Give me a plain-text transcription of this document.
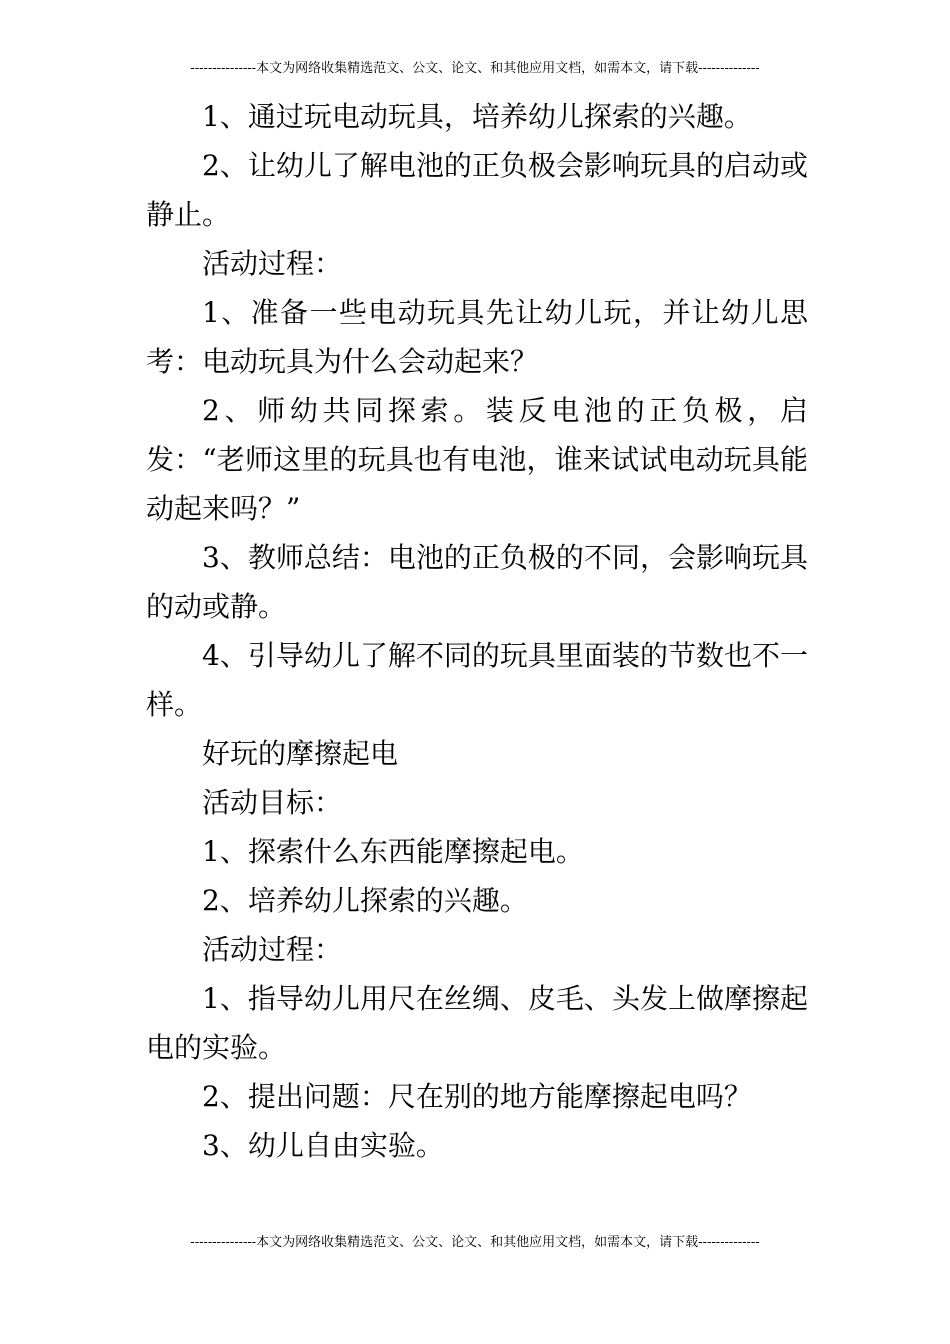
---------------本文为网络收集精选范文、公文、论文、和其他应用文档，如需本文，请下载--------------

1、通过玩电动玩具，培养幼儿探索的兴趣。

2、让幼儿了解电池的正负极会影响玩具的启动或静止。

活动过程：

1、准备一些电动玩具先让幼儿玩，并让幼儿思考：电动玩具为什么会动起来？

2、师幼共同探索。装反电池的正负极，启发：“老师这里的玩具也有电池，谁来试试电动玩具能动起来吗？”

3、教师总结：电池的正负极的不同，会影响玩具的动或静。

4、引导幼儿了解不同的玩具里面装的节数也不一样。

好玩的摩擦起电

活动目标：

1、探索什么东西能摩擦起电。

2、培养幼儿探索的兴趣。

活动过程：

1、指导幼儿用尺在丝绸、皮毛、头发上做摩擦起电的实验。

2、提出问题：尺在别的地方能摩擦起电吗？

3、幼儿自由实验。

---------------本文为网络收集精选范文、公文、论文、和其他应用文档，如需本文，请下载--------------
